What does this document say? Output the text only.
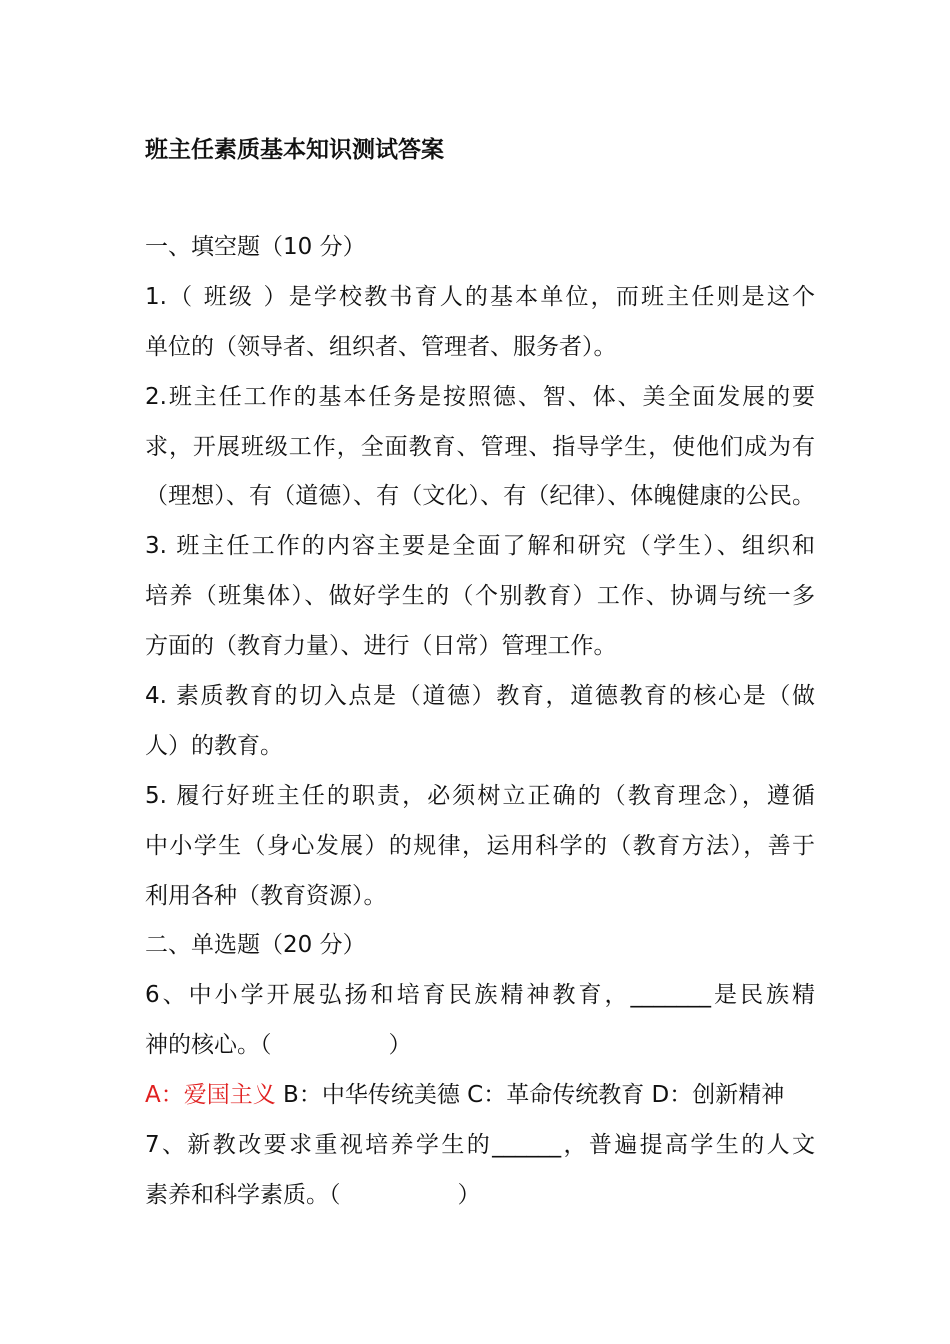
班主任素质基本知识测试答案
一、填空题（10 分）
1.（ 班级 ）是学校教书育人的基本单位，而班主任则是这个
单位的（领导者、组织者、管理者、服务者）。
2.班主任工作的基本任务是按照德、智、体、美全面发展的要
求，开展班级工作，全面教育、管理、指导学生，使他们成为有
（理想）、有（道德）、有（文化）、有（纪律）、体魄健康的公民。
3. 班主任工作的内容主要是全面了解和研究（学生）、组织和
培养（班集体）、做好学生的（个别教育）工作、协调与统一多
方面的（教育力量）、进行（日常）管理工作。
4. 素质教育的切入点是（道德）教育，道德教育的核心是（做
人）的教育。
5. 履行好班主任的职责，必须树立正确的（教育理念），遵循
中小学生（身心发展）的规律，运用科学的（教育方法），善于
利用各种（教育资源）。
二、单选题（20 分）
6、中小学开展弘扬和培育民族精神教育，_______是民族精
神的核心。（                ）
A：爱国主义 B：中华传统美德 C：革命传统教育 D：创新精神
7、新教改要求重视培养学生的______，普遍提高学生的人文
素养和科学素质。（                ）
